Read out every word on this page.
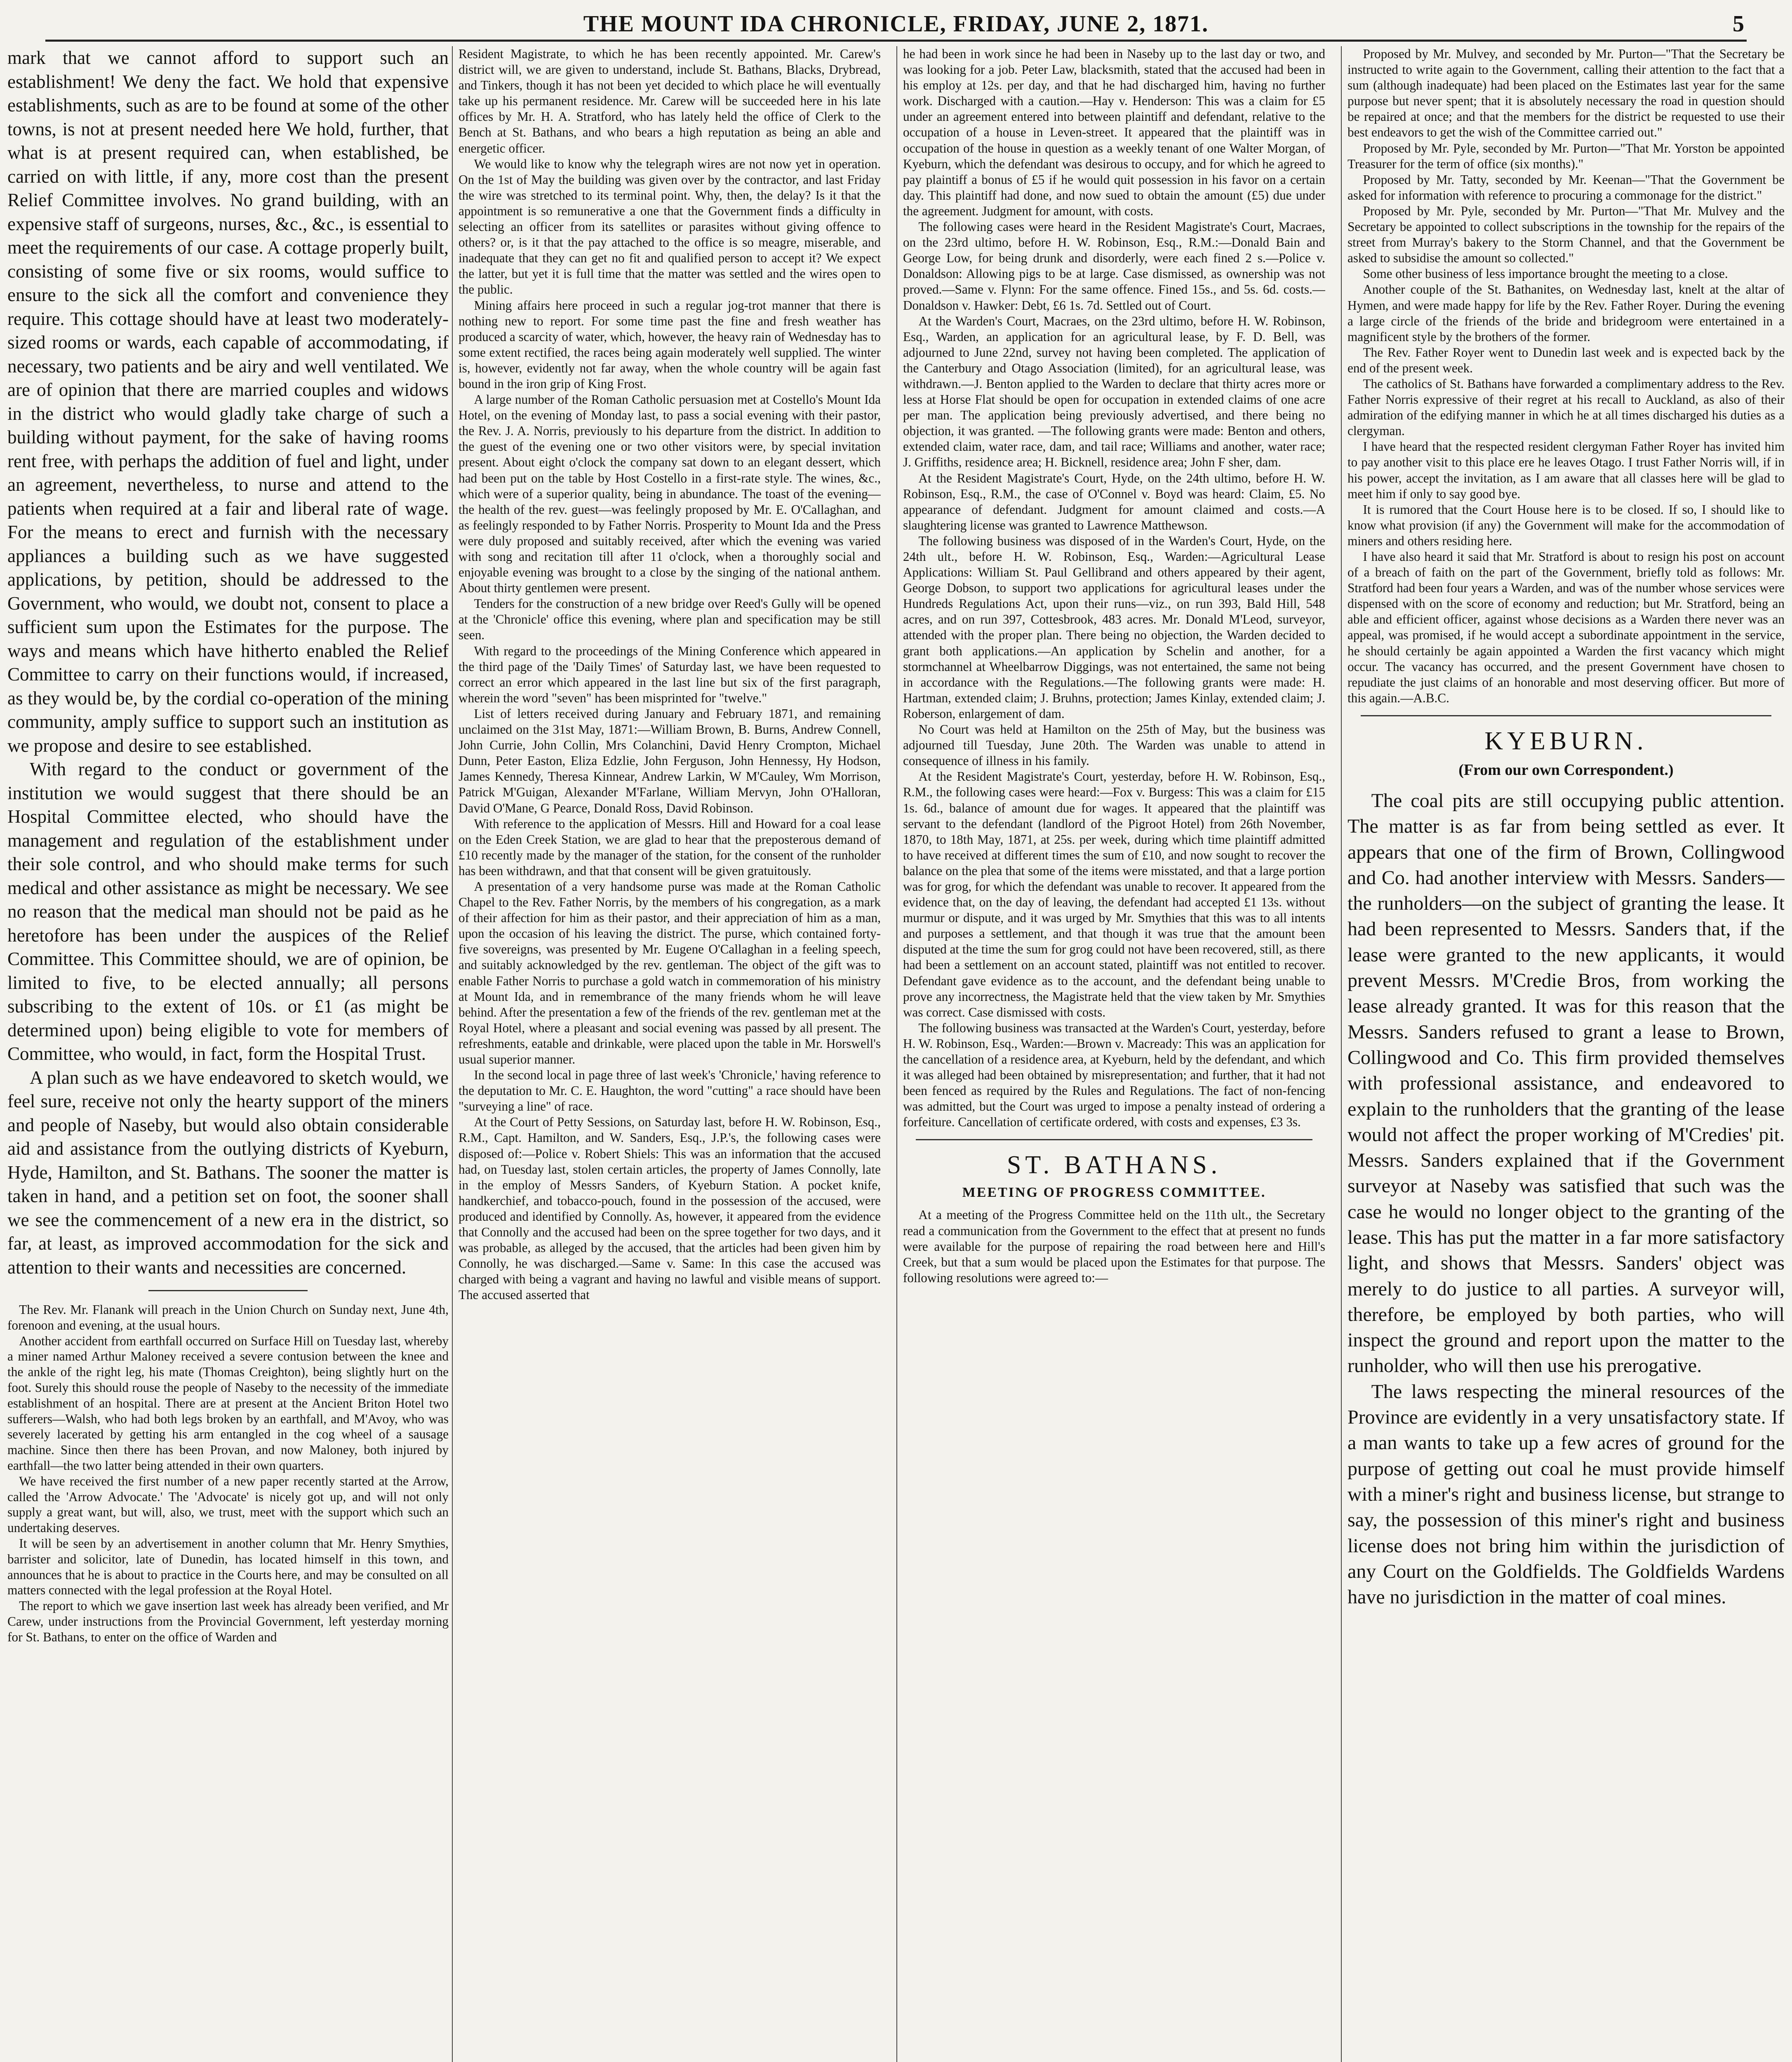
THE MOUNT IDA CHRONICLE, FRIDAY, JUNE 2, 1871.	5

mark that we cannot afford to support such an establishment! We deny the fact. We hold that expensive establishments, such as are to be found at some of the other towns, is not at present needed here We hold, further, that what is at present required can, when established, be carried on with little, if any, more cost than the present Relief Committee involves. No grand building, with an expensive staff of surgeons, nurses, &c., &c., is essential to meet the requirements of our case. A cottage properly built, consisting of some five or six rooms, would suffice to ensure to the sick all the comfort and convenience they require. This cottage should have at least two moderately-sized rooms or wards, each capable of accommodating, if necessary, two patients and be airy and well ventilated. We are of opinion that there are married couples and widows in the district who would gladly take charge of such a building without payment, for the sake of having rooms rent free, with perhaps the addition of fuel and light, under an agreement, nevertheless, to nurse and attend to the patients when required at a fair and liberal rate of wage. For the means to erect and furnish with the necessary appliances a building such as we have suggested applications, by petition, should be addressed to the Government, who would, we doubt not, consent to place a sufficient sum upon the Estimates for the purpose. The ways and means which have hitherto enabled the Relief Committee to carry on their functions would, if increased, as they would be, by the cordial co-operation of the mining community, amply suffice to support such an institution as we propose and desire to see established.

With regard to the conduct or government of the institution we would suggest that there should be an Hospital Committee elected, who should have the management and regulation of the establishment under their sole control, and who should make terms for such medical and other assistance as might be necessary. We see no reason that the medical man should not be paid as he heretofore has been under the auspices of the Relief Committee. This Committee should, we are of opinion, be limited to five, to be elected annually; all persons subscribing to the extent of 10s. or £1 (as might be determined upon) being eligible to vote for members of Committee, who would, in fact, form the Hospital Trust.

A plan such as we have endeavored to sketch would, we feel sure, receive not only the hearty support of the miners and people of Naseby, but would also obtain considerable aid and assistance from the outlying districts of Kyeburn, Hyde, Hamilton, and St. Bathans. The sooner the matter is taken in hand, and a petition set on foot, the sooner shall we see the commencement of a new era in the district, so far, at least, as improved accommodation for the sick and attention to their wants and necessities are concerned.

The Rev. Mr. Flanank will preach in the Union Church on Sunday next, June 4th, forenoon and evening, at the usual hours.

Another accident from earthfall occurred on Surface Hill on Tuesday last, whereby a miner named Arthur Maloney received a severe contusion between the knee and the ankle of the right leg, his mate (Thomas Creighton), being slightly hurt on the foot. Surely this should rouse the people of Naseby to the necessity of the immediate establishment of an hospital. There are at present at the Ancient Briton Hotel two sufferers—Walsh, who had both legs broken by an earthfall, and M'Avoy, who was severely lacerated by getting his arm entangled in the cog wheel of a sausage machine. Since then there has been Provan, and now Maloney, both injured by earthfall—the two latter being attended in their own quarters.

We have received the first number of a new paper recently started at the Arrow, called the 'Arrow Advocate.' The 'Advocate' is nicely got up, and will not only supply a great want, but will, also, we trust, meet with the support which such an undertaking deserves.

It will be seen by an advertisement in another column that Mr. Henry Smythies, barrister and solicitor, late of Dunedin, has located himself in this town, and announces that he is about to practice in the Courts here, and may be consulted on all matters connected with the legal profession at the Royal Hotel.

The report to which we gave insertion last week has already been verified, and Mr Carew, under instructions from the Provincial Government, left yesterday morning for St. Bathans, to enter on the office of Warden and

Resident Magistrate, to which he has been recently appointed. Mr. Carew's district will, we are given to understand, include St. Bathans, Blacks, Drybread, and Tinkers, though it has not been yet decided to which place he will eventually take up his permanent residence. Mr. Carew will be succeeded here in his late offices by Mr. H. A. Stratford, who has lately held the office of Clerk to the Bench at St. Bathans, and who bears a high reputation as being an able and energetic officer.

We would like to know why the telegraph wires are not now yet in operation. On the 1st of May the building was given over by the contractor, and last Friday the wire was stretched to its terminal point. Why, then, the delay? Is it that the appointment is so remunerative a one that the Government finds a difficulty in selecting an officer from its satellites or parasites without giving offence to others? or, is it that the pay attached to the office is so meagre, miserable, and inadequate that they can get no fit and qualified person to accept it? We expect the latter, but yet it is full time that the matter was settled and the wires open to the public.

Mining affairs here proceed in such a regular jog-trot manner that there is nothing new to report. For some time past the fine and fresh weather has produced a scarcity of water, which, however, the heavy rain of Wednesday has to some extent rectified, the races being again moderately well supplied. The winter is, however, evidently not far away, when the whole country will be again fast bound in the iron grip of King Frost.

A large number of the Roman Catholic persuasion met at Costello's Mount Ida Hotel, on the evening of Monday last, to pass a social evening with their pastor, the Rev. J. A. Norris, previously to his departure from the district. In addition to the guest of the evening one or two other visitors were, by special invitation present. About eight o'clock the company sat down to an elegant dessert, which had been put on the table by Host Costello in a first-rate style. The wines, &c., which were of a superior quality, being in abundance. The toast of the evening—the health of the rev. guest—was feelingly proposed by Mr. E. O'Callaghan, and as feelingly responded to by Father Norris. Prosperity to Mount Ida and the Press were duly proposed and suitably received, after which the evening was varied with song and recitation till after 11 o'clock, when a thoroughly social and enjoyable evening was brought to a close by the singing of the national anthem. About thirty gentlemen were present.

Tenders for the construction of a new bridge over Reed's Gully will be opened at the 'Chronicle' office this evening, where plan and specification may be still seen.

With regard to the proceedings of the Mining Conference which appeared in the third page of the 'Daily Times' of Saturday last, we have been requested to correct an error which appeared in the last line but six of the first paragraph, wherein the word "seven" has been misprinted for "twelve."

List of letters received during January and February 1871, and remaining unclaimed on the 31st May, 1871:—William Brown, B. Burns, Andrew Connell, John Currie, John Collin, Mrs Colanchini, David Henry Crompton, Michael Dunn, Peter Easton, Eliza Edzlie, John Ferguson, John Hennessy, Hy Hodson, James Kennedy, Theresa Kinnear, Andrew Larkin, W M'Cauley, Wm Morrison, Patrick M'Guigan, Alexander M'Farlane, William Mervyn, John O'Halloran, David O'Mane, G Pearce, Donald Ross, David Robinson.

With reference to the application of Messrs. Hill and Howard for a coal lease on the Eden Creek Station, we are glad to hear that the preposterous demand of £10 recently made by the manager of the station, for the consent of the runholder has been withdrawn, and that that consent will be given gratuitously.

A presentation of a very handsome purse was made at the Roman Catholic Chapel to the Rev. Father Norris, by the members of his congregation, as a mark of their affection for him as their pastor, and their appreciation of him as a man, upon the occasion of his leaving the district. The purse, which contained forty-five sovereigns, was presented by Mr. Eugene O'Callaghan in a feeling speech, and suitably acknowledged by the rev. gentleman. The object of the gift was to enable Father Norris to purchase a gold watch in commemoration of his ministry at Mount Ida, and in remembrance of the many friends whom he will leave behind. After the presentation a few of the friends of the rev. gentleman met at the Royal Hotel, where a pleasant and social evening was passed by all present. The refreshments, eatable and drinkable, were placed upon the table in Mr. Horswell's usual superior manner.

In the second local in page three of last week's 'Chronicle,' having reference to the deputation to Mr. C. E. Haughton, the word "cutting" a race should have been "surveying a line" of race.

At the Court of Petty Sessions, on Saturday last, before H. W. Robinson, Esq., R.M., Capt. Hamilton, and W. Sanders, Esq., J.P.'s, the following cases were disposed of:—Police v. Robert Shiels: This was an information that the accused had, on Tuesday last, stolen certain articles, the property of James Connolly, late in the employ of Messrs Sanders, of Kyeburn Station. A pocket knife, handkerchief, and tobacco-pouch, found in the possession of the accused, were produced and identified by Connolly. As, however, it appeared from the evidence that Connolly and the accused had been on the spree together for two days, and it was probable, as alleged by the accused, that the articles had been given him by Connolly, he was discharged.—Same v. Same: In this case the accused was charged with being a vagrant and having no lawful and visible means of support. The accused asserted that

he had been in work since he had been in Naseby up to the last day or two, and was looking for a job. Peter Law, blacksmith, stated that the accused had been in his employ at 12s. per day, and that he had discharged him, having no further work. Discharged with a caution.—Hay v. Henderson: This was a claim for £5 under an agreement entered into between plaintiff and defendant, relative to the occupation of a house in Leven-street. It appeared that the plaintiff was in occupation of the house in question as a weekly tenant of one Walter Morgan, of Kyeburn, which the defendant was desirous to occupy, and for which he agreed to pay plaintiff a bonus of £5 if he would quit possession in his favor on a certain day. This plaintiff had done, and now sued to obtain the amount (£5) due under the agreement. Judgment for amount, with costs.

The following cases were heard in the Resident Magistrate's Court, Macraes, on the 23rd ultimo, before H. W. Robinson, Esq., R.M.:—Donald Bain and George Low, for being drunk and disorderly, were each fined 2 s.—Police v. Donaldson: Allowing pigs to be at large. Case dismissed, as ownership was not proved.—Same v. Flynn: For the same offence. Fined 15s., and 5s. 6d. costs.—Donaldson v. Hawker: Debt, £6 1s. 7d. Settled out of Court.

At the Warden's Court, Macraes, on the 23rd ultimo, before H. W. Robinson, Esq., Warden, an application for an agricultural lease, by F. D. Bell, was adjourned to June 22nd, survey not having been completed. The application of the Canterbury and Otago Association (limited), for an agricultural lease, was withdrawn.—J. Benton applied to the Warden to declare that thirty acres more or less at Horse Flat should be open for occupation in extended claims of one acre per man. The application being previously advertised, and there being no objection, it was granted. —The following grants were made: Benton and others, extended claim, water race, dam, and tail race; Williams and another, water race; J. Griffiths, residence area; H. Bicknell, residence area; John F sher, dam.

At the Resident Magistrate's Court, Hyde, on the 24th ultimo, before H. W. Robinson, Esq., R.M., the case of O'Connel v. Boyd was heard: Claim, £5. No appearance of defendant. Judgment for amount claimed and costs.—A slaughtering license was granted to Lawrence Matthewson.

The following business was disposed of in the Warden's Court, Hyde, on the 24th ult., before H. W. Robinson, Esq., Warden:—Agricultural Lease Applications: William St. Paul Gellibrand and others appeared by their agent, George Dobson, to support two applications for agricultural leases under the Hundreds Regulations Act, upon their runs—viz., on run 393, Bald Hill, 548 acres, and on run 397, Cottesbrook, 483 acres. Mr. Donald M'Leod, surveyor, attended with the proper plan. There being no objection, the Warden decided to grant both applications.—An application by Schelin and another, for a stormchannel at Wheelbarrow Diggings, was not entertained, the same not being in accordance with the Regulations.—The following grants were made: H. Hartman, extended claim; J. Bruhns, protection; James Kinlay, extended claim; J. Roberson, enlargement of dam.

No Court was held at Hamilton on the 25th of May, but the business was adjourned till Tuesday, June 20th. The Warden was unable to attend in consequence of illness in his family.

At the Resident Magistrate's Court, yesterday, before H. W. Robinson, Esq., R.M., the following cases were heard:—Fox v. Burgess: This was a claim for £15 1s. 6d., balance of amount due for wages. It appeared that the plaintiff was servant to the defendant (landlord of the Pigroot Hotel) from 26th November, 1870, to 18th May, 1871, at 25s. per week, during which time plaintiff admitted to have received at different times the sum of £10, and now sought to recover the balance on the plea that some of the items were misstated, and that a large portion was for grog, for which the defendant was unable to recover. It appeared from the evidence that, on the day of leaving, the defendant had accepted £1 13s. without murmur or dispute, and it was urged by Mr. Smythies that this was to all intents and purposes a settlement, and that though it was true that the amount been disputed at the time the sum for grog could not have been recovered, still, as there had been a settlement on an account stated, plaintiff was not entitled to recover. Defendant gave evidence as to the account, and the defendant being unable to prove any incorrectness, the Magistrate held that the view taken by Mr. Smythies was correct. Case dismissed with costs.

The following business was transacted at the Warden's Court, yesterday, before H. W. Robinson, Esq., Warden:—Brown v. Macready: This was an application for the cancellation of a residence area, at Kyeburn, held by the defendant, and which it was alleged had been obtained by misrepresentation; and further, that it had not been fenced as required by the Rules and Regulations. The fact of non-fencing was admitted, but the Court was urged to impose a penalty instead of ordering a forfeiture. Cancellation of certificate ordered, with costs and expenses, £3 3s.

ST. BATHANS.
MEETING OF PROGRESS COMMITTEE.

At a meeting of the Progress Committee held on the 11th ult., the Secretary read a communication from the Government to the effect that at present no funds were available for the purpose of repairing the road between here and Hill's Creek, but that a sum would be placed upon the Estimates for that purpose. The following resolutions were agreed to:—

Proposed by Mr. Mulvey, and seconded by Mr. Purton—"That the Secretary be instructed to write again to the Government, calling their attention to the fact that a sum (although inadequate) had been placed on the Estimates last year for the same purpose but never spent; that it is absolutely necessary the road in question should be repaired at once; and that the members for the district be requested to use their best endeavors to get the wish of the Committee carried out."

Proposed by Mr. Pyle, seconded by Mr. Purton—"That Mr. Yorston be appointed Treasurer for the term of office (six months)."

Proposed by Mr. Tatty, seconded by Mr. Keenan—"That the Government be asked for information with reference to procuring a commonage for the district."

Proposed by Mr. Pyle, seconded by Mr. Purton—"That Mr. Mulvey and the Secretary be appointed to collect subscriptions in the township for the repairs of the street from Murray's bakery to the Storm Channel, and that the Government be asked to subsidise the amount so collected."

Some other business of less importance brought the meeting to a close.

Another couple of the St. Bathanites, on Wednesday last, knelt at the altar of Hymen, and were made happy for life by the Rev. Father Royer. During the evening a large circle of the friends of the bride and bridegroom were entertained in a magnificent style by the brothers of the former.

The Rev. Father Royer went to Dunedin last week and is expected back by the end of the present week.

The catholics of St. Bathans have forwarded a complimentary address to the Rev. Father Norris expressive of their regret at his recall to Auckland, as also of their admiration of the edifying manner in which he at all times discharged his duties as a clergyman.

I have heard that the respected resident clergyman Father Royer has invited him to pay another visit to this place ere he leaves Otago. I trust Father Norris will, if in his power, accept the invitation, as I am aware that all classes here will be glad to meet him if only to say good bye.

It is rumored that the Court House here is to be closed. If so, I should like to know what provision (if any) the Government will make for the accommodation of miners and others residing here.

I have also heard it said that Mr. Stratford is about to resign his post on account of a breach of faith on the part of the Government, briefly told as follows: Mr. Stratford had been four years a Warden, and was of the number whose services were dispensed with on the score of economy and reduction; but Mr. Stratford, being an able and efficient officer, against whose decisions as a Warden there never was an appeal, was promised, if he would accept a subordinate appointment in the service, he should certainly be again appointed a Warden the first vacancy which might occur. The vacancy has occurred, and the present Government have chosen to repudiate the just claims of an honorable and most deserving officer. But more of this again.—A.B.C.

KYEBURN.
(From our own Correspondent.)

The coal pits are still occupying public attention. The matter is as far from being settled as ever. It appears that one of the firm of Brown, Collingwood and Co. had another interview with Messrs. Sanders—the runholders—on the subject of granting the lease. It had been represented to Messrs. Sanders that, if the lease were granted to the new applicants, it would prevent Messrs. M'Credie Bros, from working the lease already granted. It was for this reason that the Messrs. Sanders refused to grant a lease to Brown, Collingwood and Co. This firm provided themselves with professional assistance, and endeavored to explain to the runholders that the granting of the lease would not affect the proper working of M'Credies' pit. Messrs. Sanders explained that if the Government surveyor at Naseby was satisfied that such was the case he would no longer object to the granting of the lease. This has put the matter in a far more satisfactory light, and shows that Messrs. Sanders' object was merely to do justice to all parties. A surveyor will, therefore, be employed by both parties, who will inspect the ground and report upon the matter to the runholder, who will then use his prerogative.

The laws respecting the mineral resources of the Province are evidently in a very unsatisfactory state. If a man wants to take up a few acres of ground for the purpose of getting out coal he must provide himself with a miner's right and business license, but strange to say, the possession of this miner's right and business license does not bring him within the jurisdiction of any Court on the Goldfields. The Goldfields Wardens have no jurisdiction in the matter of coal mines.
